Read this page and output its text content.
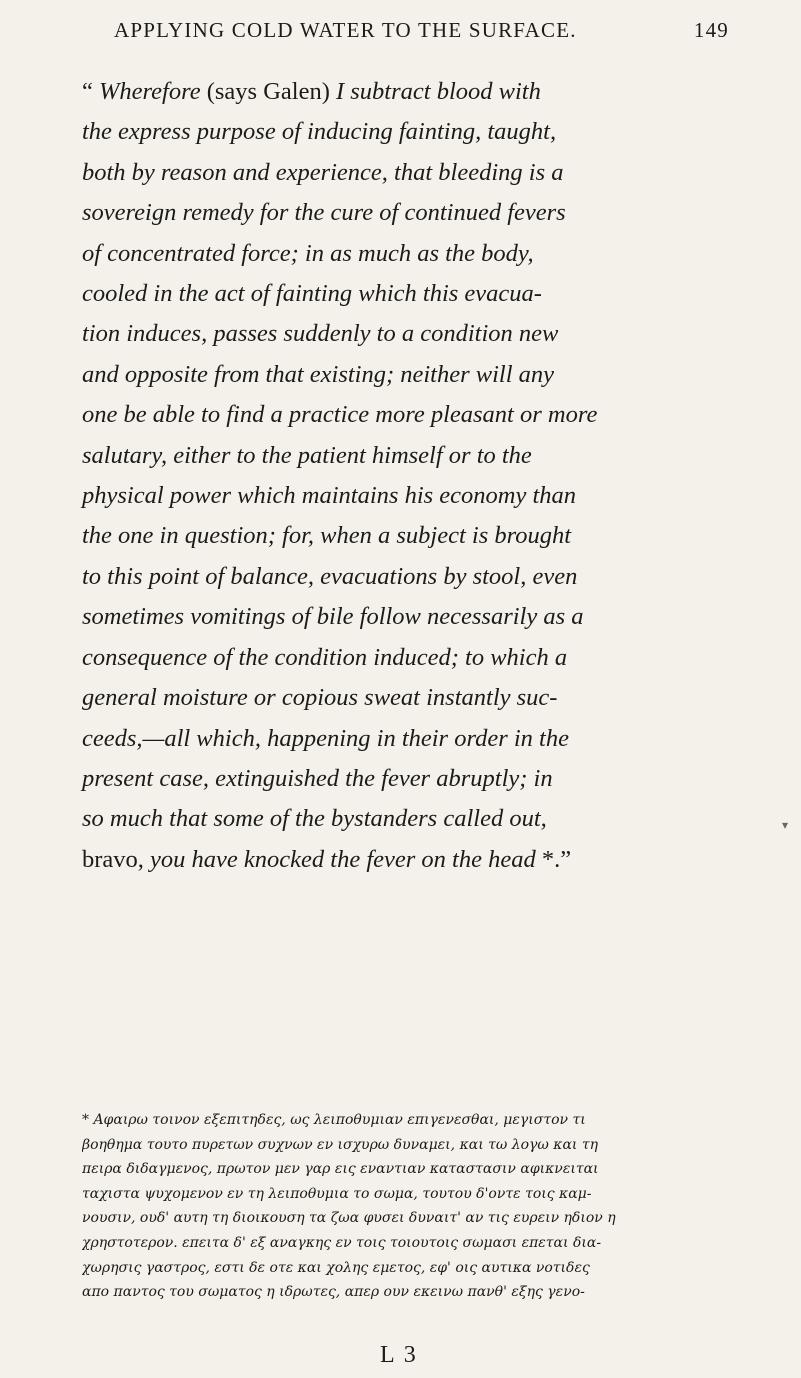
APPLYING COLD WATER TO THE SURFACE.	149

“ Wherefore (says Galen) I subtract blood with
the express purpose of inducing fainting, taught,
both by reason and experience, that bleeding is a
sovereign remedy for the cure of continued fevers
of concentrated force; in as much as the body,
cooled in the act of fainting which this evacua-
tion induces, passes suddenly to a condition new
and opposite from that existing; neither will any
one be able to find a practice more pleasant or more
salutary, either to the patient himself or to the
physical power which maintains his economy than
the one in question; for, when a subject is brought
to this point of balance, evacuations by stool, even
sometimes vomitings of bile follow necessarily as a
consequence of the condition induced; to which a
general moisture or copious sweat instantly suc-
ceeds,—all which, happening in their order in the
present case, extinguished the fever abruptly; in
so much that some of the bystanders called out,
bravo, you have knocked the fever on the head *.”

▾

* Αφαιρω τοινον εξεπιτηδες, ως λειποθυμιαν επιγενεσθαι, μεγιστον τι
βοηθημα τουτο πυρετων συχνων εν ισχυρω δυναμει, και τω λογω και τη
πειρα διδαγμενος, πρωτον μεν γαρ εις εναντιαν καταστασιν αφικνειται
ταχιστα ψυχομενον εν τη λειποθυμια το σωμα, τουτου δ'οντε τοις καμ-
νουσιν, ουδ' αυτη τη διοικουση τα ζωα φυσει δυναιτ' αν τις ευρειν ηδιον η
χρηστοτερον. επειτα δ' εξ αναγκης εν τοις τοιουτοις σωμασι επεται δια-
χωρησις γαστρος, εστι δε οτε και χολης εμετος, εφ' οις αυτικα νοτιδες
απο παντος του σωματος η ιδρωτες, απερ ουν εκεινω πανθ' εξης γενο-

L 3
